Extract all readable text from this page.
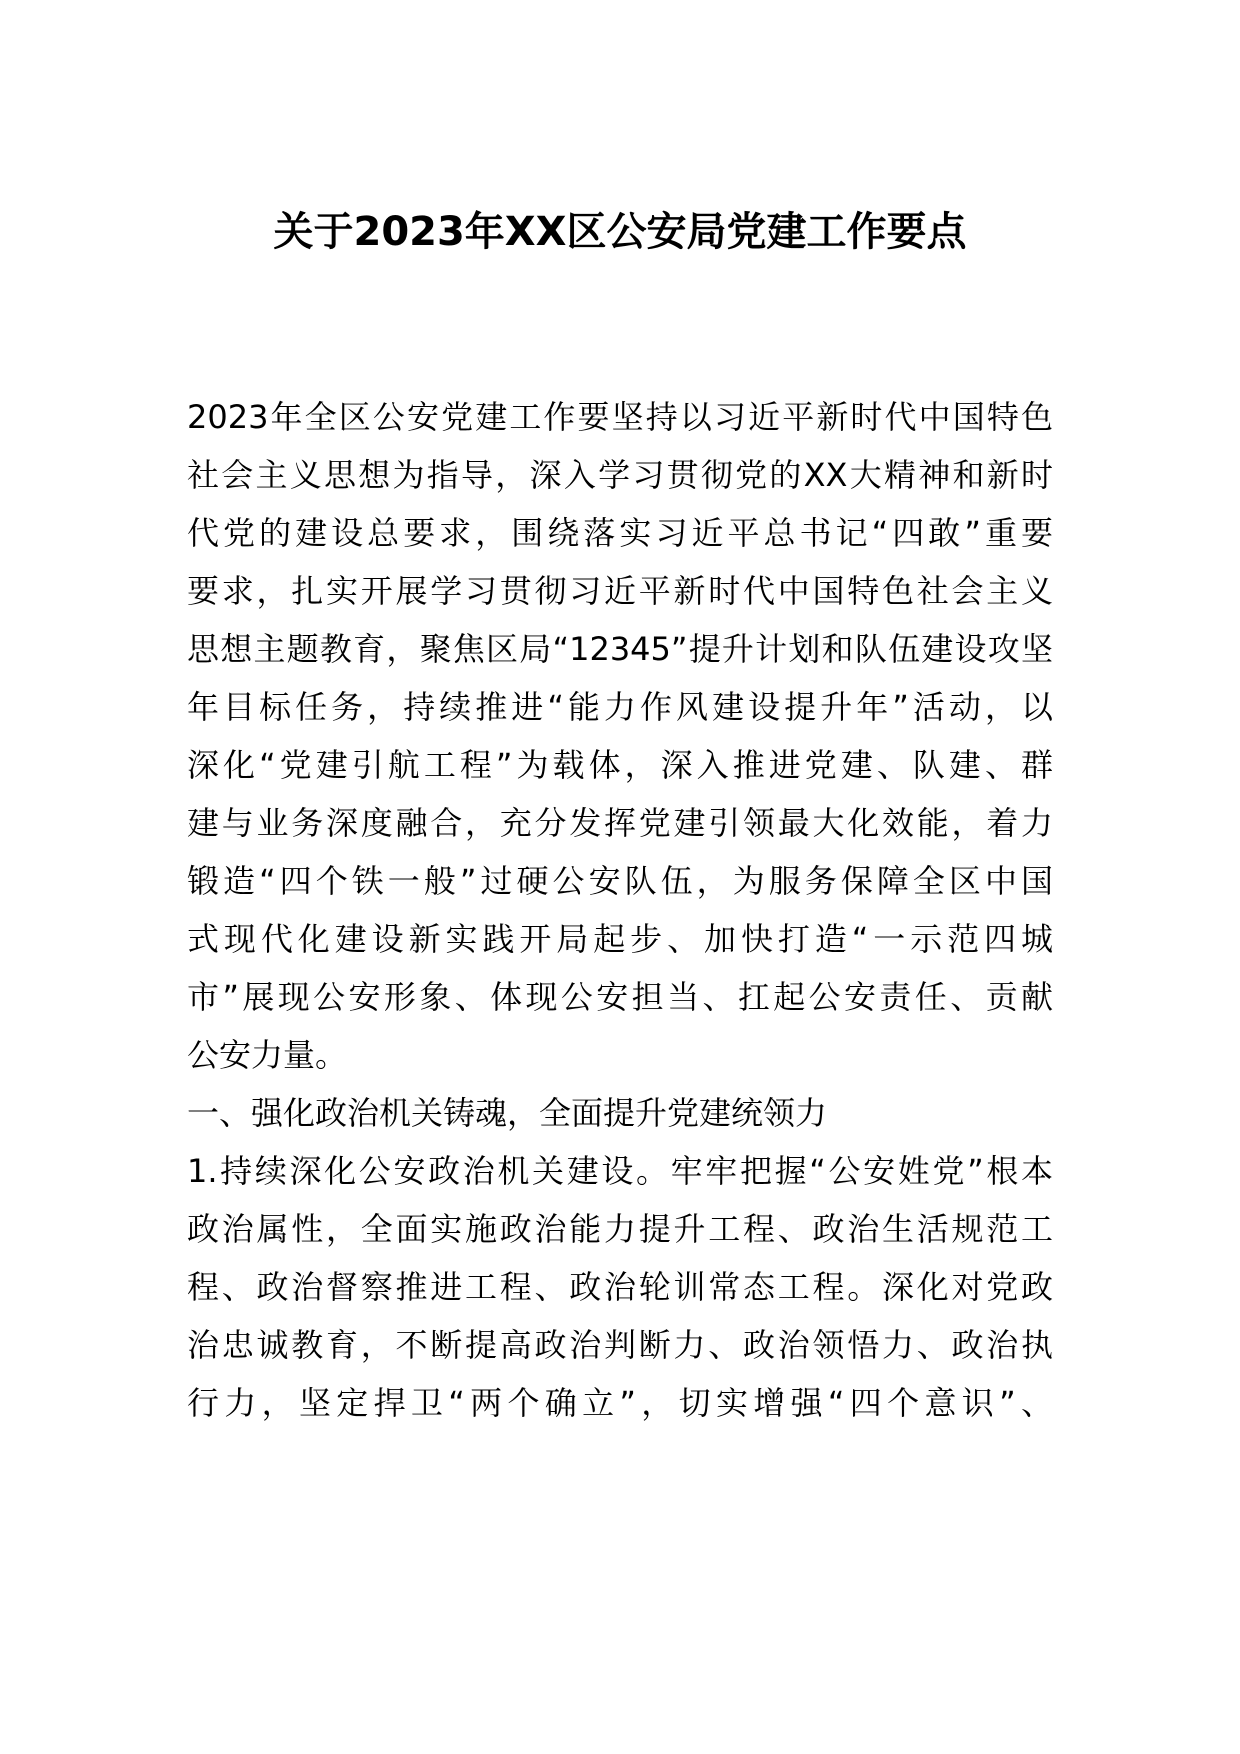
关于2023年XX区公安局党建工作要点
2023年全区公安党建工作要坚持以习近平新时代中国特色
社会主义思想为指导，深入学习贯彻党的XX大精神和新时
代党的建设总要求，围绕落实习近平总书记“四敢”重要
要求，扎实开展学习贯彻习近平新时代中国特色社会主义
思想主题教育，聚焦区局“12345”提升计划和队伍建设攻坚
年目标任务，持续推进“能力作风建设提升年”活动，以
深化“党建引航工程”为载体，深入推进党建、队建、群
建与业务深度融合，充分发挥党建引领最大化效能，着力
锻造“四个铁一般”过硬公安队伍，为服务保障全区中国
式现代化建设新实践开局起步、加快打造“一示范四城
市”展现公安形象、体现公安担当、扛起公安责任、贡献
公安力量。
一、强化政治机关铸魂，全面提升党建统领力
1.持续深化公安政治机关建设。牢牢把握“公安姓党”根本
政治属性，全面实施政治能力提升工程、政治生活规范工
程、政治督察推进工程、政治轮训常态工程。深化对党政
治忠诚教育，不断提高政治判断力、政治领悟力、政治执
行力，坚定捍卫“两个确立”，切实增强“四个意识”、
